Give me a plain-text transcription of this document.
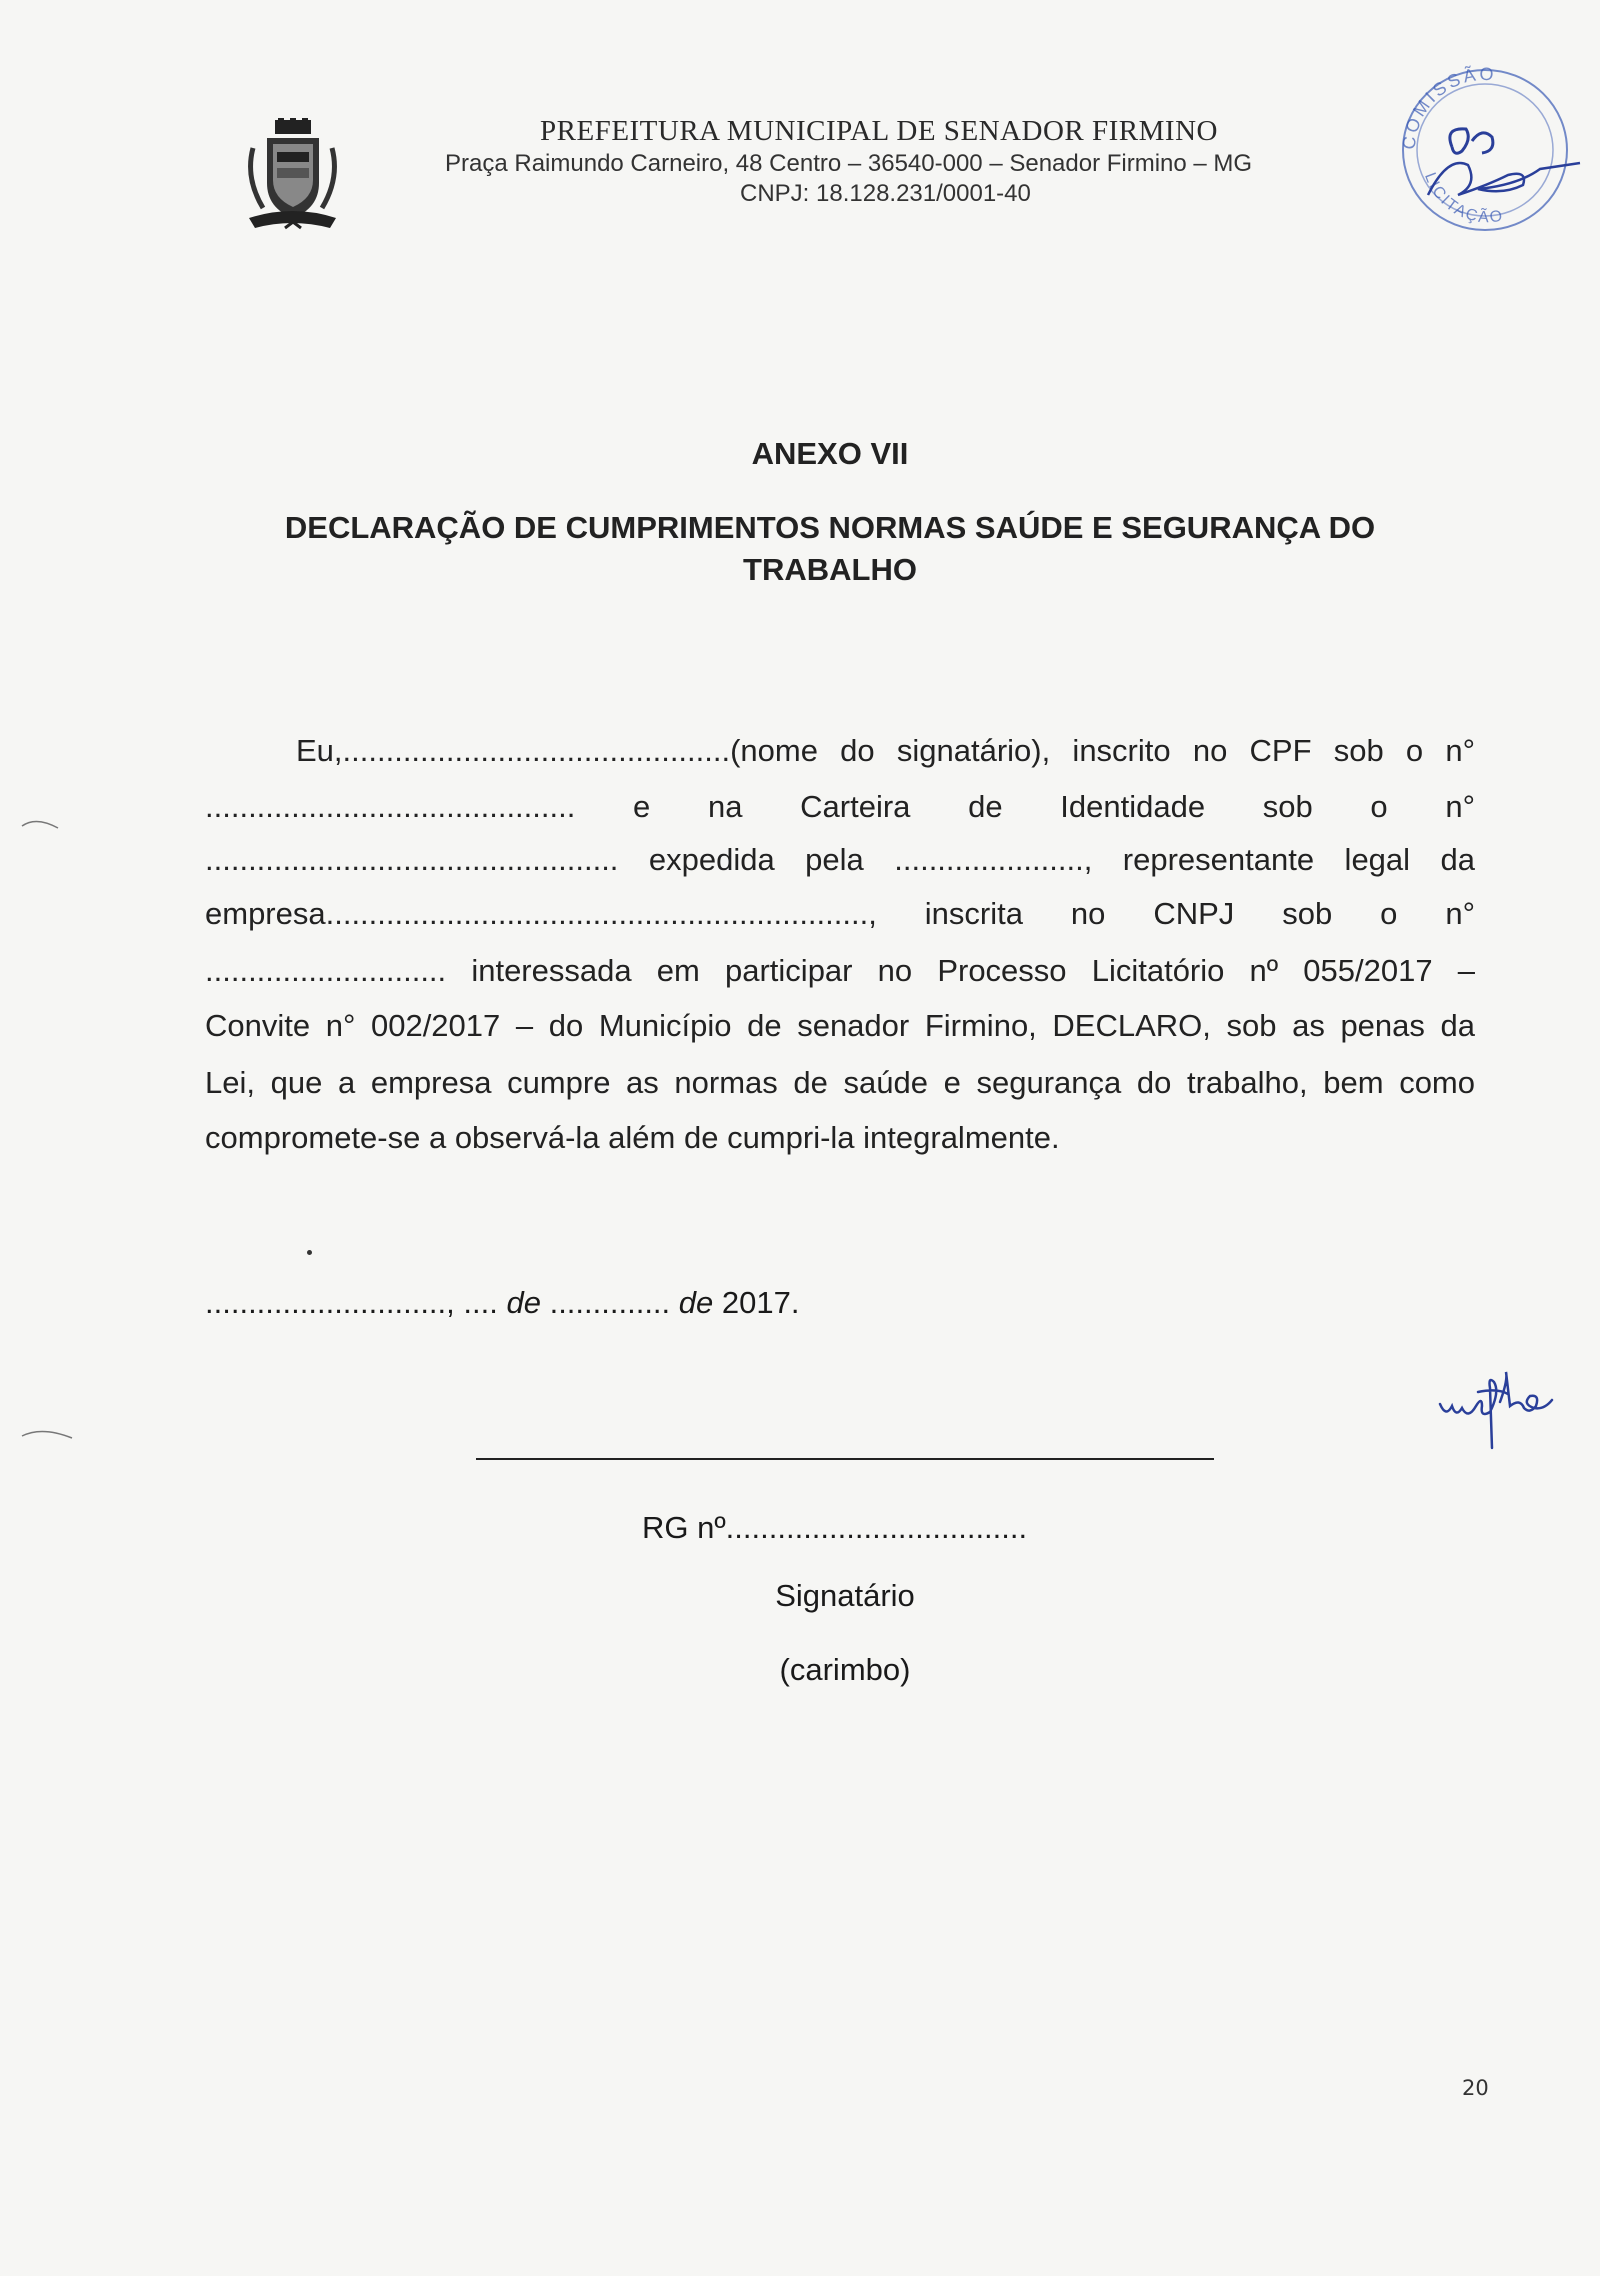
PREFEITURA MUNICIPAL DE SENADOR FIRMINO
Praça Raimundo Carneiro, 48 Centro – 36540-000 – Senador Firmino – MG
CNPJ: 18.128.231/0001-40
COMISSÃO
LICITAÇÃO
ANEXO VII
DECLARAÇÃO DE CUMPRIMENTOS NORMAS SAÚDE E SEGURANÇA DO TRABALHO
Eu,.............................................(nome do signatário), inscrito no CPF sob o n°
........................................... e na Carteira de Identidade sob o n°
................................................ expedida pela ......................, representante legal da
empresa..............................................................., inscrita no CNPJ sob o n°
............................ interessada em participar no Processo Licitatório nº 055/2017 –
Convite n° 002/2017 – do Município de senador Firmino, DECLARO, sob as penas da
Lei, que a empresa cumpre as normas de saúde e segurança do trabalho, bem como
compromete-se a observá-la além de cumpri-la integralmente.
............................, .... de .............. de 2017.
RG nº...................................
Signatário
(carimbo)
20
